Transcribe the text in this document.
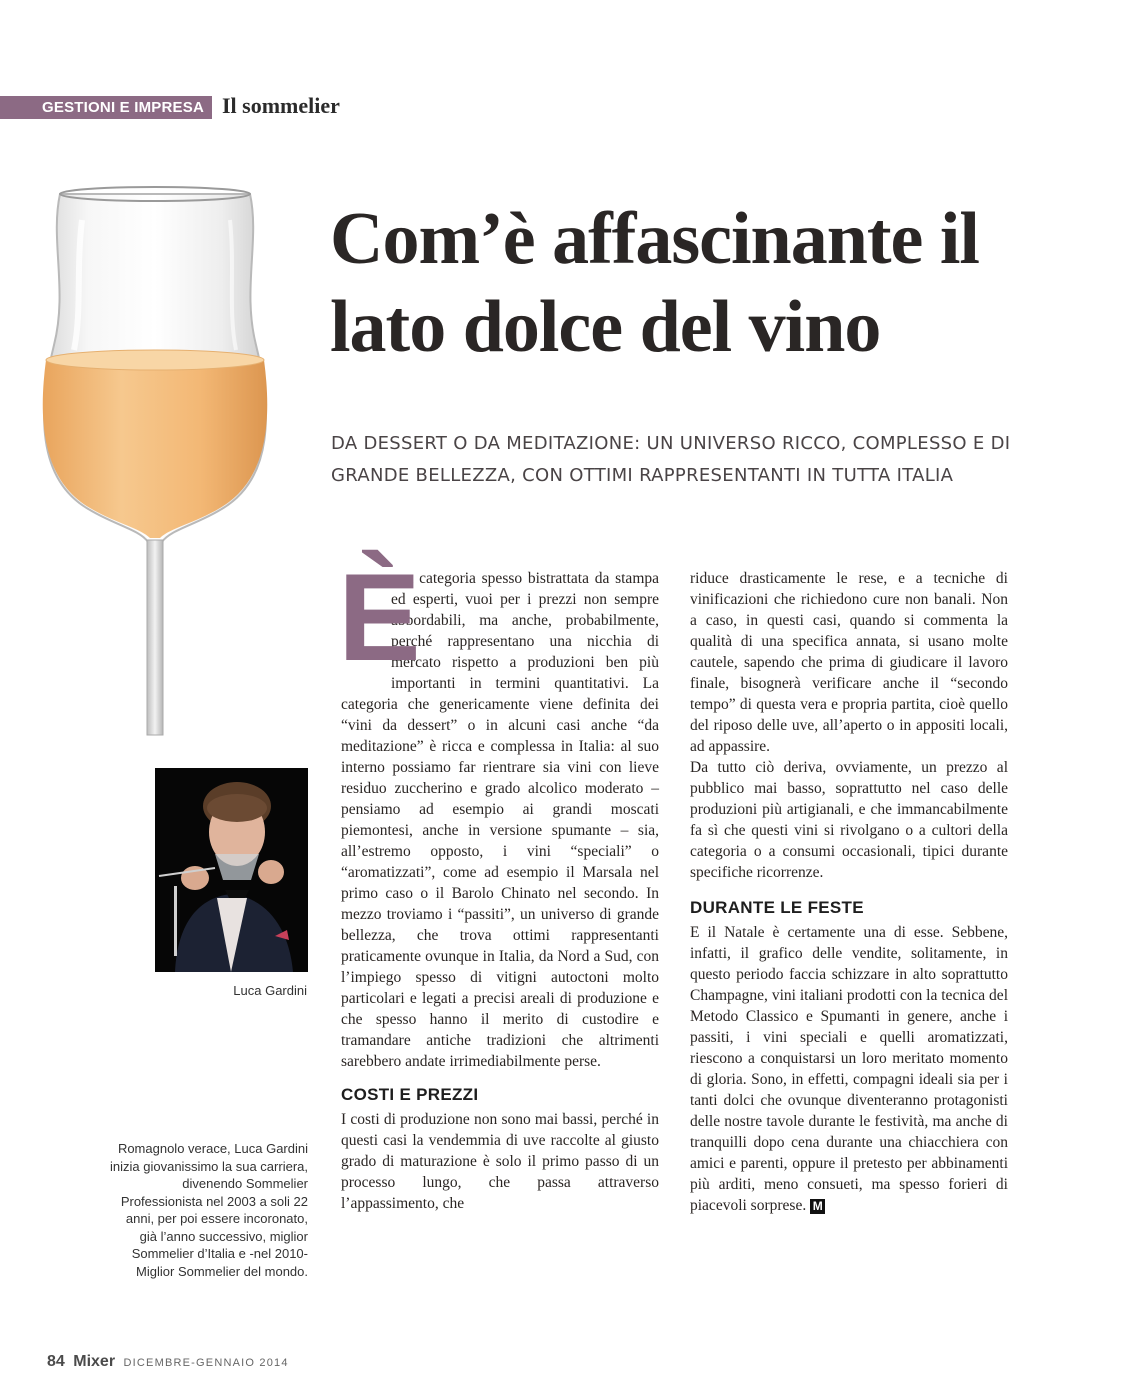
GESTIONI E IMPRESA Il sommelier
Com’è affascinante il lato dolce del vino

DA DESSERT O DA MEDITAZIONE: UN UNIVERSO RICCO, COMPLESSO E DI GRANDE BELLEZZA, CON OTTIMI RAPPRESENTANTI IN TUTTA ITALIA

Luca Gardini

Romagnolo verace, Luca Gardini inizia giovanissimo la sua carriera, divenendo Sommelier Professionista nel 2003 a soli 22 anni, per poi essere incoronato, già l’anno successivo, miglior Sommelier d’Italia e -nel 2010- Miglior Sommelier del mondo.

È

una categoria spesso bistrattata da stampa ed esperti, vuoi per i prezzi non sempre abbordabili, ma anche, probabilmente, perché rappresentano una nicchia di mercato rispetto a produzioni ben più importanti in termini quantitativi. La categoria che genericamente viene definita dei “vini da dessert” o in alcuni casi anche “da meditazione” è ricca e complessa in Italia: al suo interno possiamo far rientrare sia vini con lieve residuo zuccherino e grado alcolico moderato – pensiamo ad esempio ai grandi moscati piemontesi, anche in versione spumante – sia, all’estremo opposto, i vini “speciali” o “aromatizzati”, come ad esempio il Marsala nel primo caso o il Barolo Chinato nel secondo. In mezzo troviamo i “passiti”, un universo di grande bellezza, che trova ottimi rappresentanti praticamente ovunque in Italia, da Nord a Sud, con l’impiego spesso di vitigni autoctoni molto particolari e legati a precisi areali di produzione e che spesso hanno il merito di custodire e tramandare antiche tradizioni che altrimenti sarebbero andate irrimediabilmente perse.

COSTI E PREZZI

I costi di produzione non sono mai bassi, perché in questi casi la vendemmia di uve raccolte al giusto grado di maturazione è solo il primo passo di un processo lungo, che passa attraverso l’appassimento, che

riduce drasticamente le rese, e a tecniche di vinificazioni che richiedono cure non banali. Non a caso, in questi casi, quando si commenta la qualità di una specifica annata, si usano molte cautele, sapendo che prima di giudicare il lavoro finale, bisognerà verificare anche il “secondo tempo” di questa vera e propria partita, cioè quello del riposo delle uve, all’aperto o in appositi locali, ad appassire.

Da tutto ciò deriva, ovviamente, un prezzo al pubblico mai basso, soprattutto nel caso delle produzioni più artigianali, e che immancabilmente fa sì che questi vini si rivolgano o a cultori della categoria o a consumi occasionali, tipici durante specifiche ricorrenze.

DURANTE LE FESTE

E il Natale è certamente una di esse. Sebbene, infatti, il grafico delle vendite, solitamente, in questo periodo faccia schizzare in alto soprattutto Champagne, vini italiani prodotti con la tecnica del Metodo Classico e Spumanti in genere, anche i passiti, i vini speciali e quelli aromatizzati, riescono a conquistarsi un loro meritato momento di gloria. Sono, in effetti, compagni ideali sia per i tanti dolci che ovunque diventeranno protagonisti delle nostre tavole durante le festività, ma anche di tranquilli dopo cena durante una chiacchiera con amici e parenti, oppure il pretesto per abbinamenti più arditi, meno consueti, ma spesso forieri di piacevoli sorprese. M

84 Mixer DICEMBRE-GENNAIO 2014
